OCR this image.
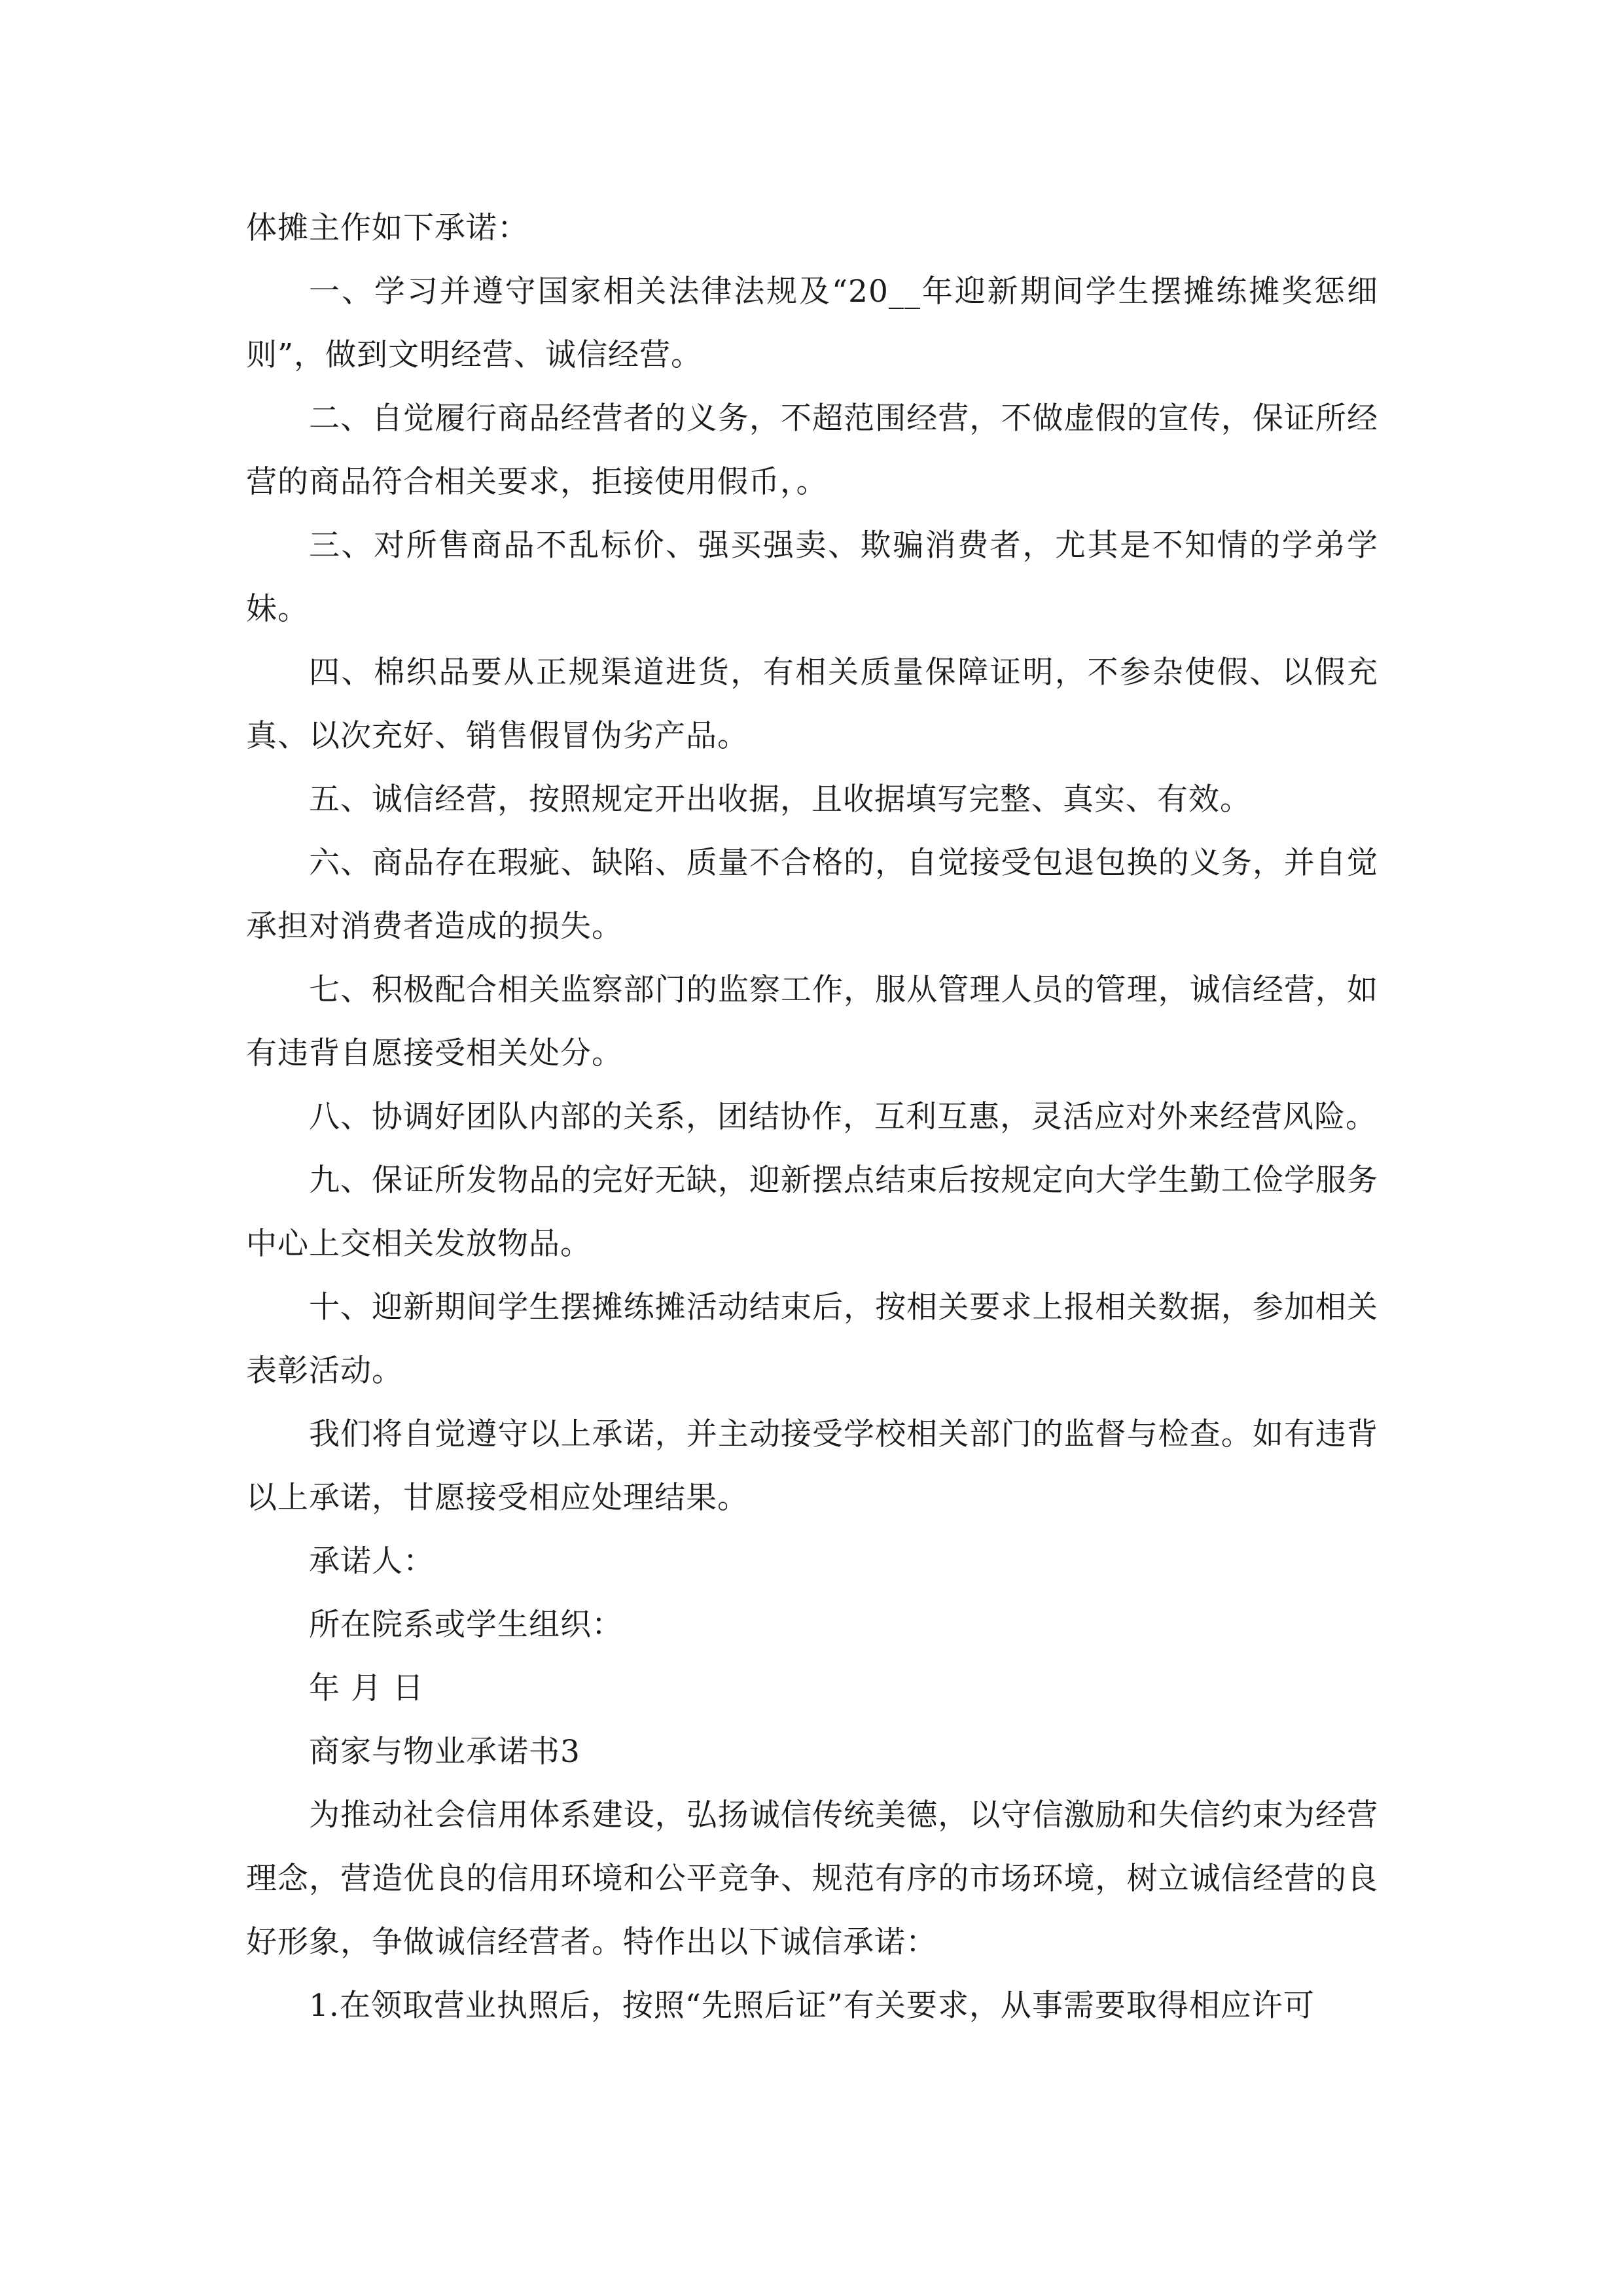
体摊主作如下承诺：

一、学习并遵守国家相关法律法规及“20__年迎新期间学生摆摊练摊奖惩细则”，做到文明经营、诚信经营。

二、自觉履行商品经营者的义务，不超范围经营，不做虚假的宣传，保证所经营的商品符合相关要求，拒接使用假币，。

三、对所售商品不乱标价、强买强卖、欺骗消费者，尤其是不知情的学弟学妹。

四、棉织品要从正规渠道进货，有相关质量保障证明，不参杂使假、以假充真、以次充好、销售假冒伪劣产品。

五、诚信经营，按照规定开出收据，且收据填写完整、真实、有效。

六、商品存在瑕疵、缺陷、质量不合格的，自觉接受包退包换的义务，并自觉承担对消费者造成的损失。

七、积极配合相关监察部门的监察工作，服从管理人员的管理，诚信经营，如有违背自愿接受相关处分。

八、协调好团队内部的关系，团结协作，互利互惠，灵活应对外来经营风险。

九、保证所发物品的完好无缺，迎新摆点结束后按规定向大学生勤工俭学服务中心上交相关发放物品。

十、迎新期间学生摆摊练摊活动结束后，按相关要求上报相关数据，参加相关表彰活动。

我们将自觉遵守以上承诺，并主动接受学校相关部门的监督与检查。如有违背以上承诺，甘愿接受相应处理结果。

承诺人：

所在院系或学生组织：

年 月 日

商家与物业承诺书3

为推动社会信用体系建设，弘扬诚信传统美德，以守信激励和失信约束为经营理念，营造优良的信用环境和公平竞争、规范有序的市场环境，树立诚信经营的良好形象，争做诚信经营者。特作出以下诚信承诺：

1.在领取营业执照后，按照“先照后证”有关要求，从事需要取得相应许可
